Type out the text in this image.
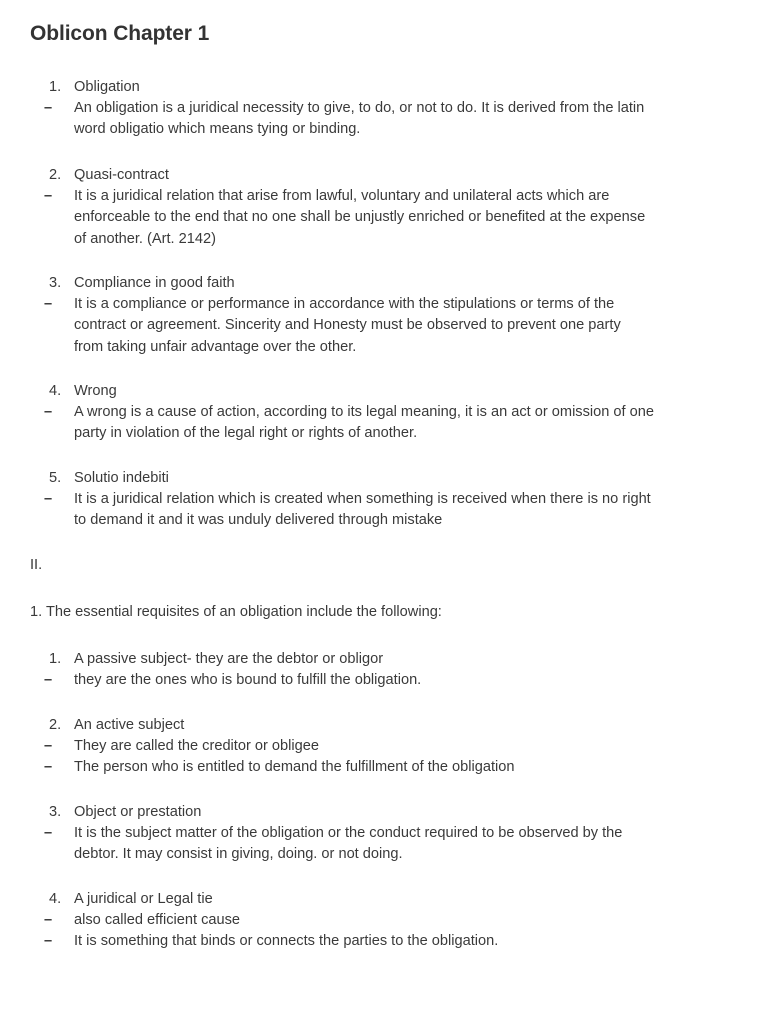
Oblicon Chapter 1
1. Obligation
– An obligation is a juridical necessity to give, to do, or not to do. It is derived from the latin
word obligatio which means tying or binding.
2. Quasi-contract
– It is a juridical relation that arise from lawful, voluntary and unilateral acts which are
enforceable to the end that no one shall be unjustly enriched or benefited at the expense
of another. (Art. 2142)
3. Compliance in good faith
– It is a compliance or performance in accordance with the stipulations or terms of the
contract or agreement. Sincerity and Honesty must be observed to prevent one party
from taking unfair advantage over the other.
4. Wrong
– A wrong is a cause of action, according to its legal meaning, it is an act or omission of one
party in violation of the legal right or rights of another.
5. Solutio indebiti
– It is a juridical relation which is created when something is received when there is no right
to demand it and it was unduly delivered through mistake

II.

1. The essential requisites of an obligation include the following:

1. A passive subject- they are the debtor or obligor
– they are the ones who is bound to fulfill the obligation.
2. An active subject
– They are called the creditor or obligee
– The person who is entitled to demand the fulfillment of the obligation
3. Object or prestation
– It is the subject matter of the obligation or the conduct required to be observed by the
debtor. It may consist in giving, doing. or not doing.
4. A juridical or Legal tie
– also called efficient cause
– It is something that binds or connects the parties to the obligation.
